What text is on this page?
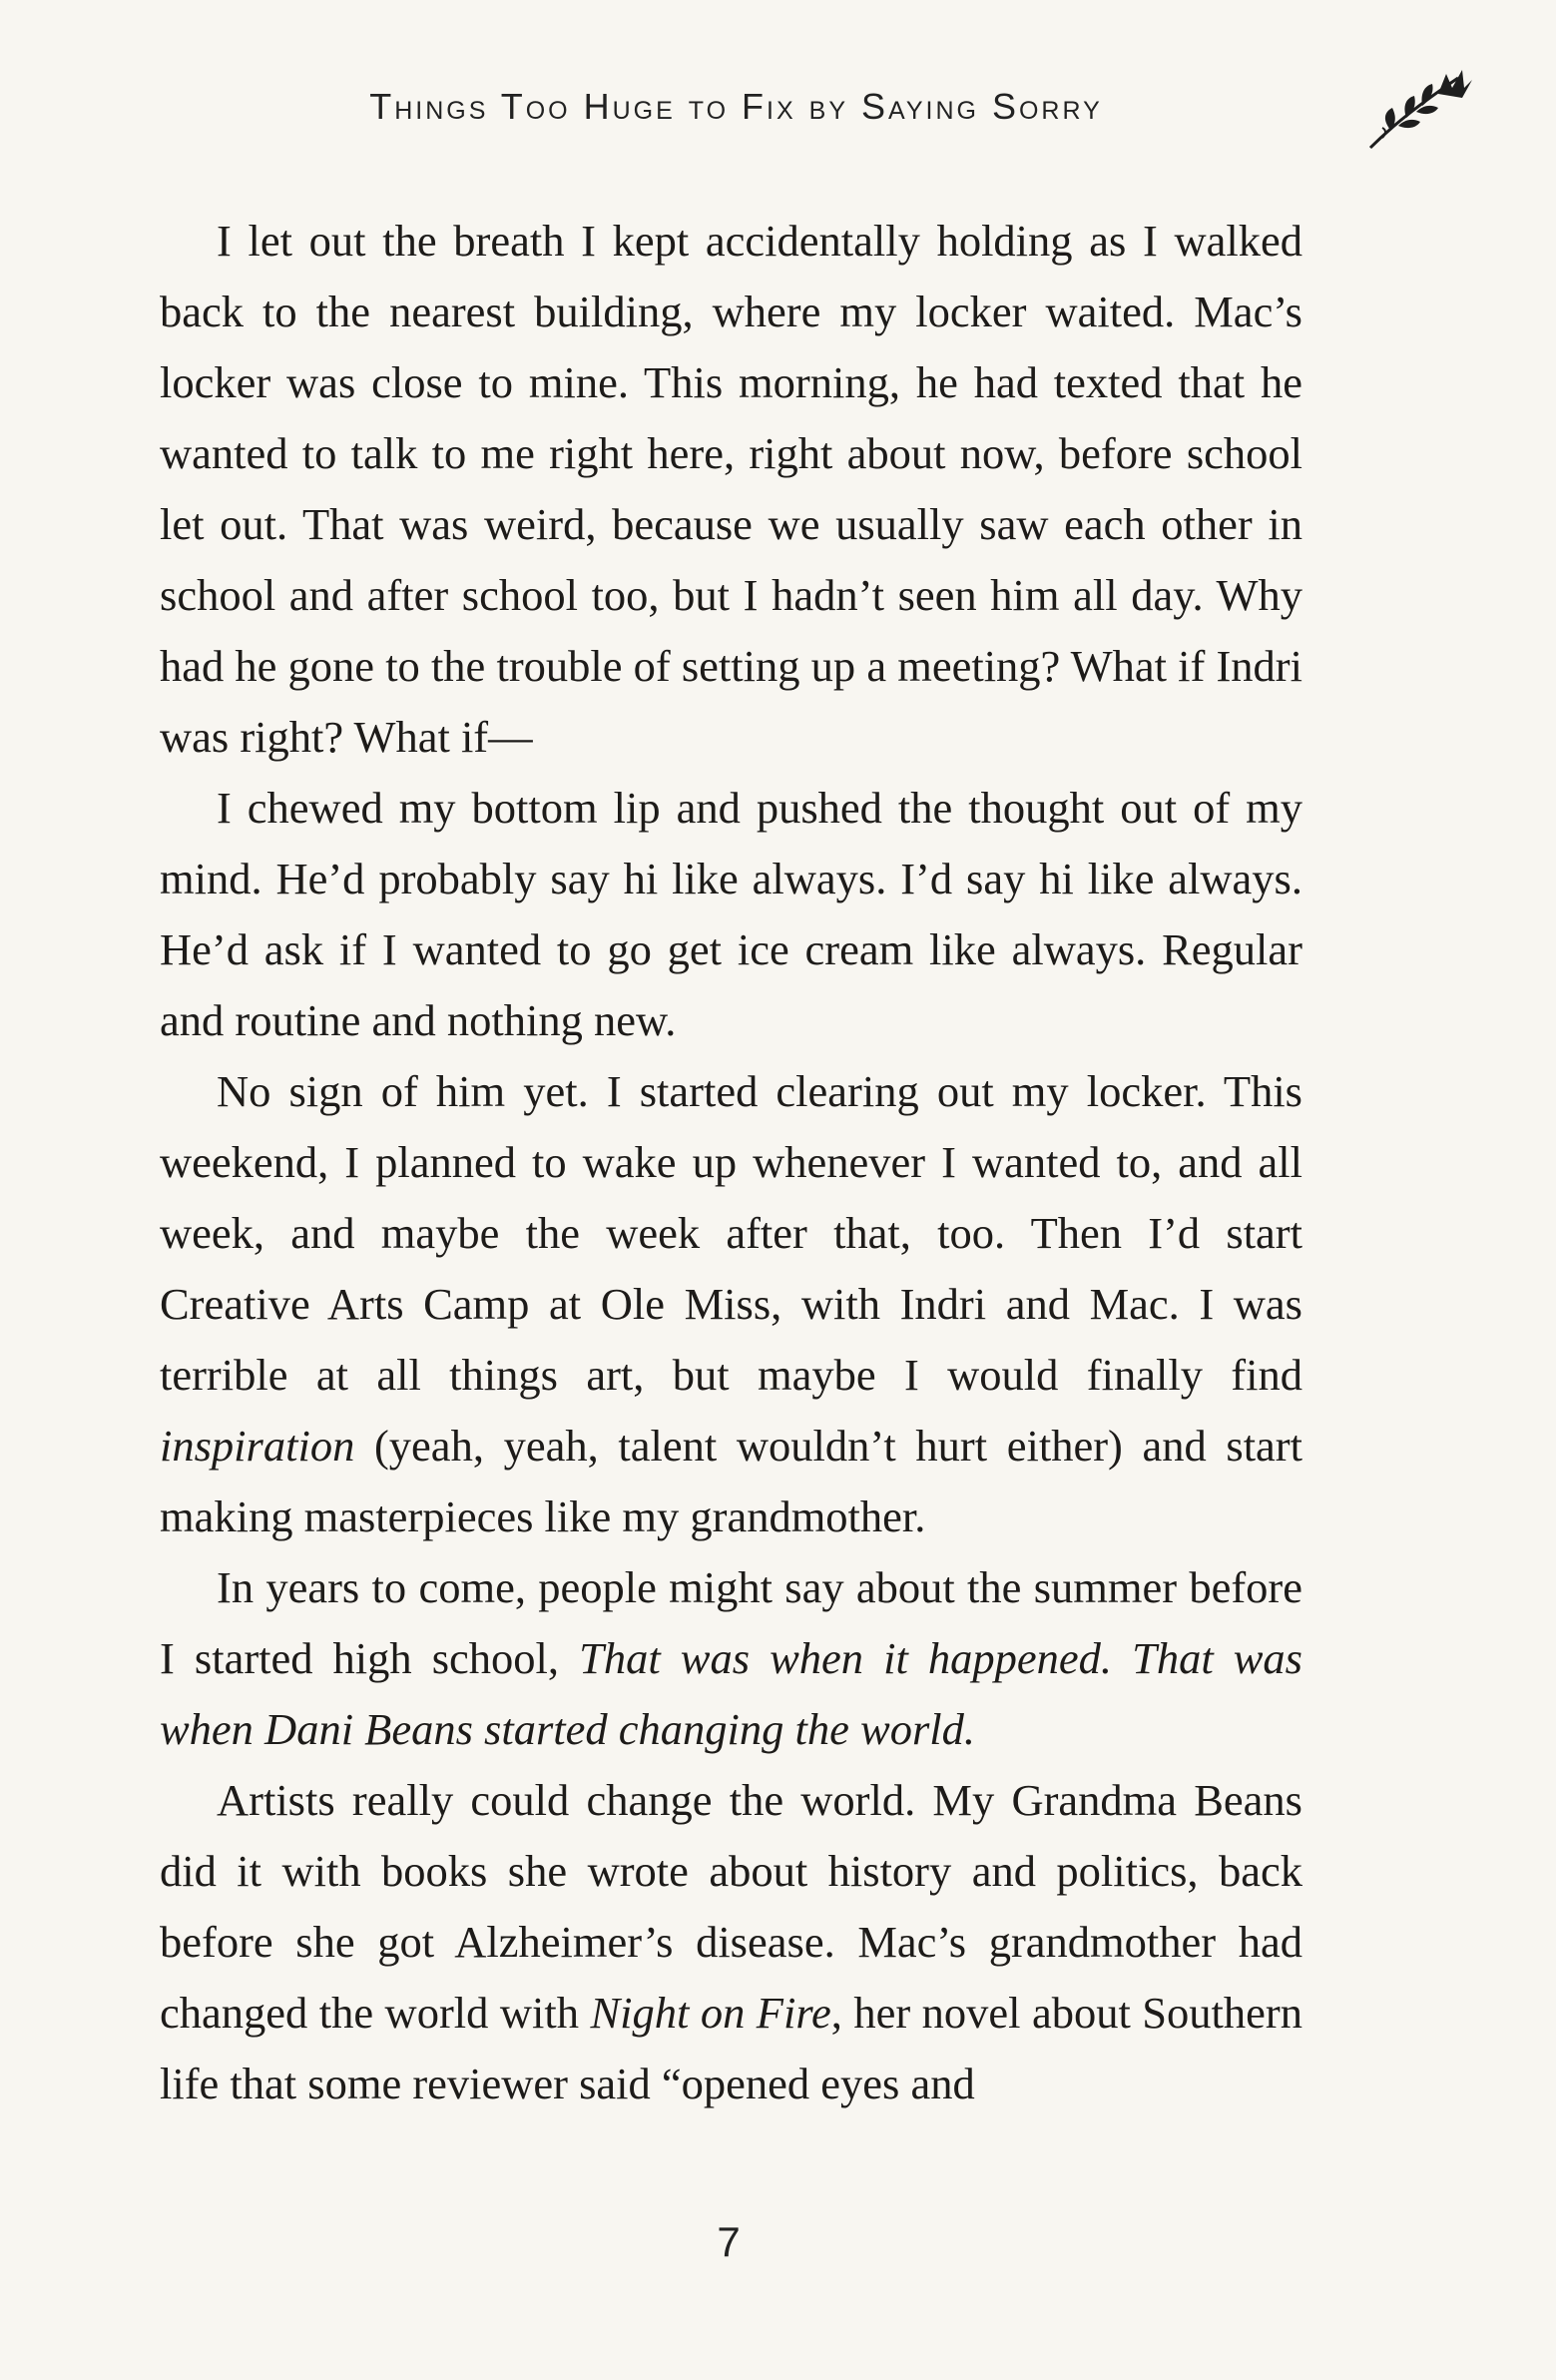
Things Too Huge to Fix by Saying Sorry

I let out the breath I kept accidentally holding as I walked back to the nearest building, where my locker waited. Mac’s locker was close to mine. This morning, he had texted that he wanted to talk to me right here, right about now, before school let out. That was weird, because we usually saw each other in school and after school too, but I hadn’t seen him all day. Why had he gone to the trouble of setting up a meeting? What if Indri was right? What if—

I chewed my bottom lip and pushed the thought out of my mind. He’d probably say hi like always. I’d say hi like always. He’d ask if I wanted to go get ice cream like always. Regular and routine and nothing new.

No sign of him yet. I started clearing out my locker. This weekend, I planned to wake up whenever I wanted to, and all week, and maybe the week after that, too. Then I’d start Creative Arts Camp at Ole Miss, with Indri and Mac. I was terrible at all things art, but maybe I would finally find inspiration (yeah, yeah, talent wouldn’t hurt either) and start making masterpieces like my grandmother.

In years to come, people might say about the summer before I started high school, That was when it happened. That was when Dani Beans started changing the world.

Artists really could change the world. My Grandma Beans did it with books she wrote about history and politics, back before she got Alzheimer’s disease. Mac’s grandmother had changed the world with Night on Fire, her novel about Southern life that some reviewer said “opened eyes and

7
